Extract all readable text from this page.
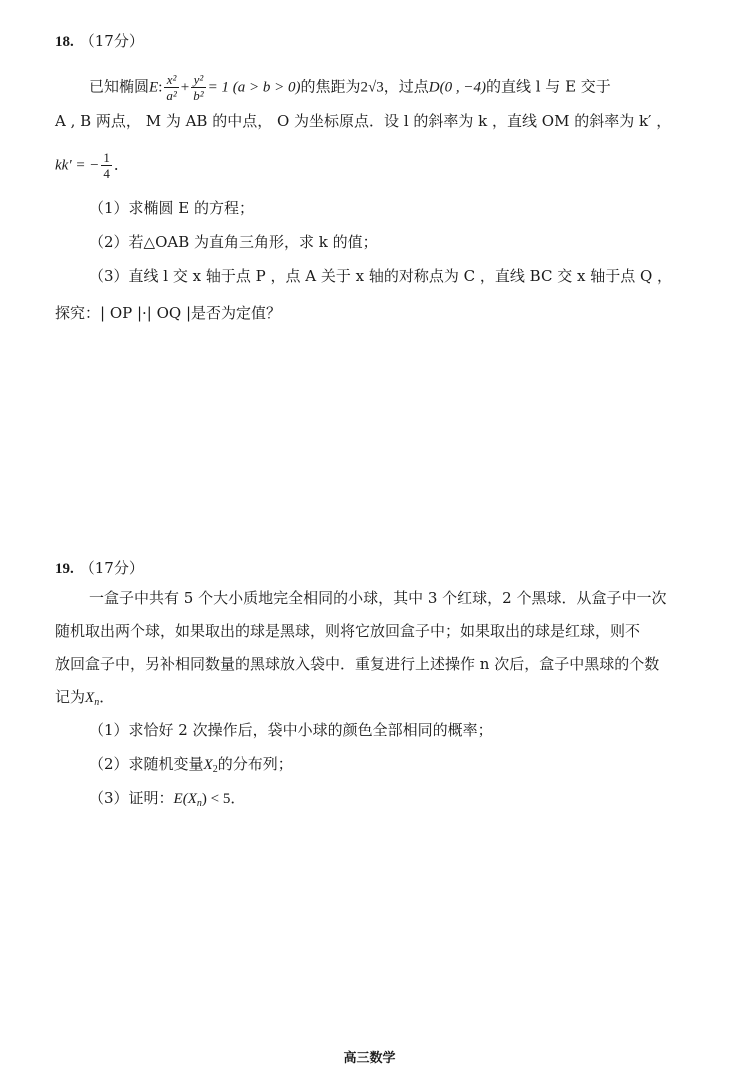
18. （17分）
已知椭圆E: $\frac{\text{x²}}{\text{a²}} + \frac{\text{y²}}{\text{b²}} = 1$ (a > b > 0)的焦距为2√3，过点D(0 , −4)的直线 l 与 E 交于
A , B 两点， M 为 AB 的中点， O 为坐标原点．设 l 的斜率为 k ，直线 OM 的斜率为 k′ ，
kk′ = − $\frac{1}{4}$ ．
（1）求椭圆 E 的方程；
（2）若△OAB 为直角三角形，求 k 的值；
（3）直线 l 交 x 轴于点 P ，点 A 关于 x 轴的对称点为 C ，直线 BC 交 x 轴于点 Q ，
探究：| OP |·| OQ |是否为定值？
19. （17分）
一盒子中共有 5 个大小质地完全相同的小球，其中 3 个红球，2 个黑球．从盒子中一次
随机取出两个球，如果取出的球是黑球，则将它放回盒子中；如果取出的球是红球，则不
放回盒子中，另补相同数量的黑球放入袋中．重复进行上述操作 n 次后，盒子中黑球的个数
记为$X_n$．
（1）求恰好 2 次操作后，袋中小球的颜色全部相同的概率；
（2）求随机变量$X_2$的分布列；
（3）证明：$E(X_n) < 5$．
高三数学
